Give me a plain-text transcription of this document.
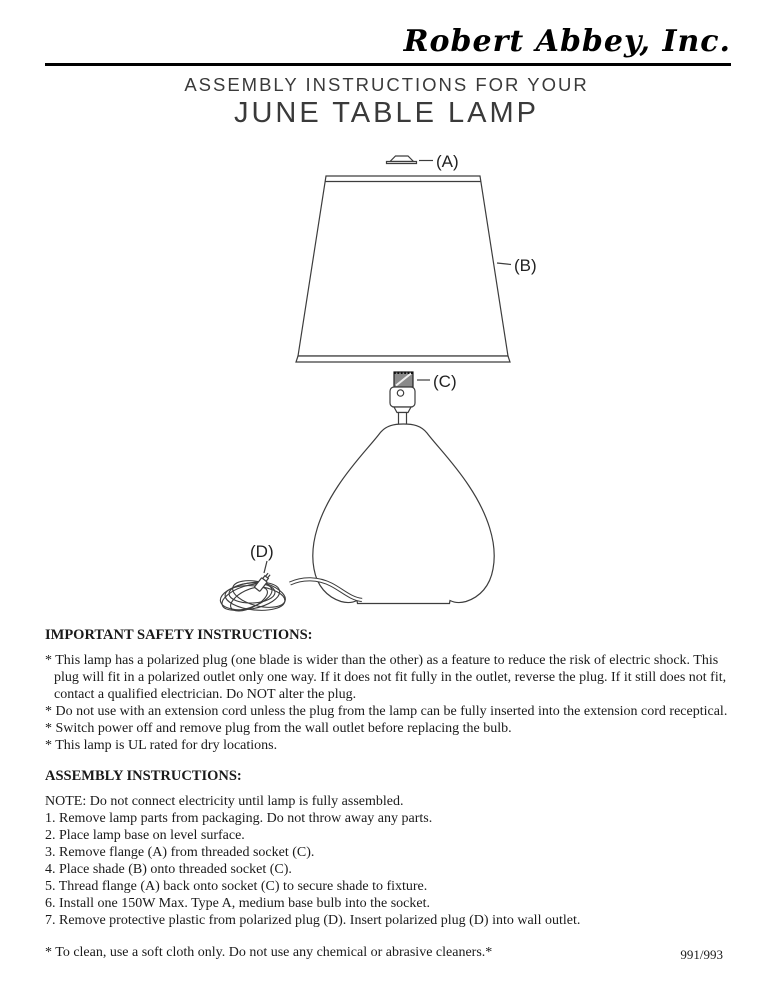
Robert Abbey, Inc.
ASSEMBLY INSTRUCTIONS FOR YOUR
JUNE TABLE LAMP
(A)
(B)
(C)
(D)

IMPORTANT SAFETY INSTRUCTIONS:

* This lamp has a polarized plug (one blade is wider than the other) as a feature to reduce the risk of electric shock. This plug will fit in a polarized outlet only one way. If it does not fit fully in the outlet, reverse the plug. If it still does not fit, contact a qualified electrician. Do NOT alter the plug.

* Do not use with an extension cord unless the plug from the lamp can be fully inserted into the extension cord receptical.

* Switch power off and remove plug from the wall outlet before replacing the bulb.

* This lamp is UL rated for dry locations.

ASSEMBLY INSTRUCTIONS:

NOTE: Do not connect electricity until lamp is fully assembled.

1. Remove lamp parts from packaging. Do not throw away any parts.

2. Place lamp base on level surface.

3. Remove flange (A) from threaded socket (C).

4. Place shade (B) onto threaded socket (C).

5. Thread flange (A) back onto socket (C) to secure shade to fixture.

6. Install one 150W Max. Type A, medium base bulb into the socket.

7. Remove protective plastic from polarized plug (D). Insert polarized plug (D) into wall outlet.

* To clean, use a soft cloth only. Do not use any chemical or abrasive cleaners.*	991/993
